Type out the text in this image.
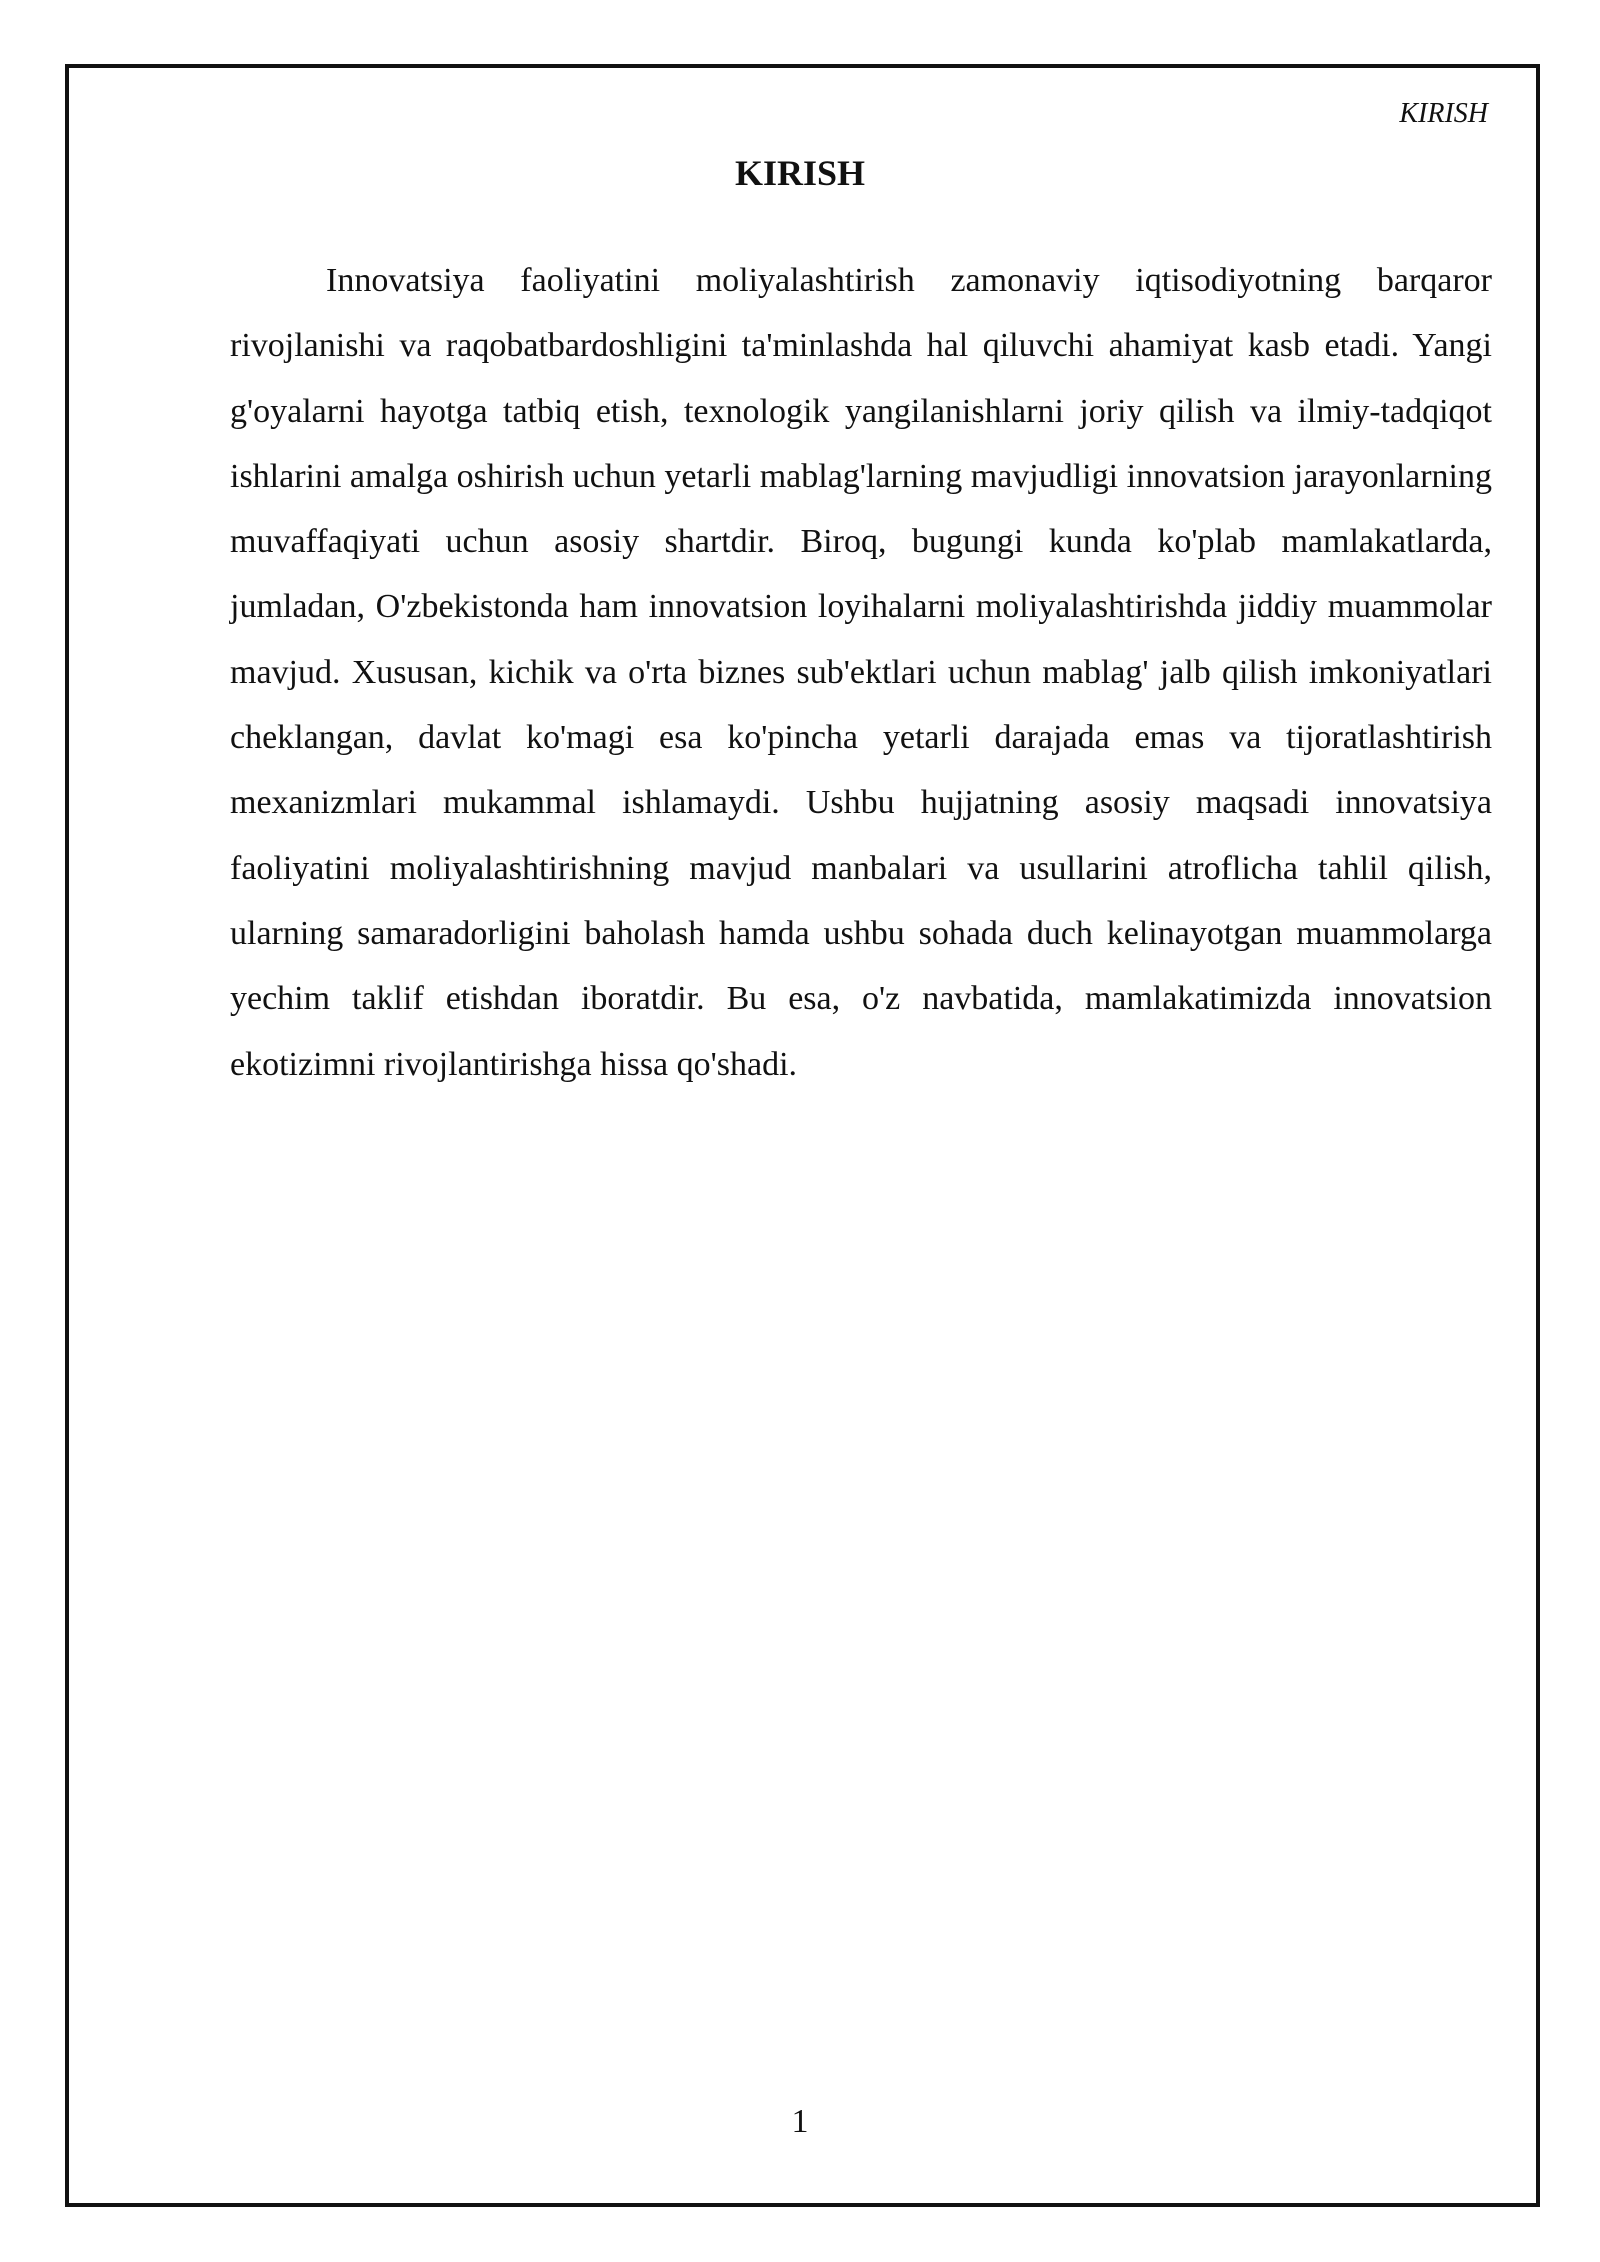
KIRISH
KIRISH

Innovatsiya faoliyatini moliyalashtirish zamonaviy iqtisodiyotning barqaror rivojlanishi va raqobatbardoshligini ta'minlashda hal qiluvchi ahamiyat kasb etadi. Yangi g'oyalarni hayotga tatbiq etish, texnologik yangilanishlarni joriy qilish va ilmiy-tadqiqot ishlarini amalga oshirish uchun yetarli mablag'larning mavjudligi innovatsion jarayonlarning muvaffaqiyati uchun asosiy shartdir. Biroq, bugungi kunda ko'plab mamlakatlarda, jumladan, O'zbekistonda ham innovatsion loyihalarni moliyalashtirishda jiddiy muammolar mavjud. Xususan, kichik va o'rta biznes sub'ektlari uchun mablag' jalb qilish imkoniyatlari cheklangan, davlat ko'magi esa ko'pincha yetarli darajada emas va tijoratlashtirish mexanizmlari mukammal ishlamaydi. Ushbu hujjatning asosiy maqsadi innovatsiya faoliyatini moliyalashtirishning mavjud manbalari va usullarini atroflicha tahlil qilish, ularning samaradorligini baholash hamda ushbu sohada duch kelinayotgan muammolarga yechim taklif etishdan iboratdir. Bu esa, o'z navbatida, mamlakatimizda innovatsion ekotizimni rivojlantirishga hissa qo'shadi.

1
